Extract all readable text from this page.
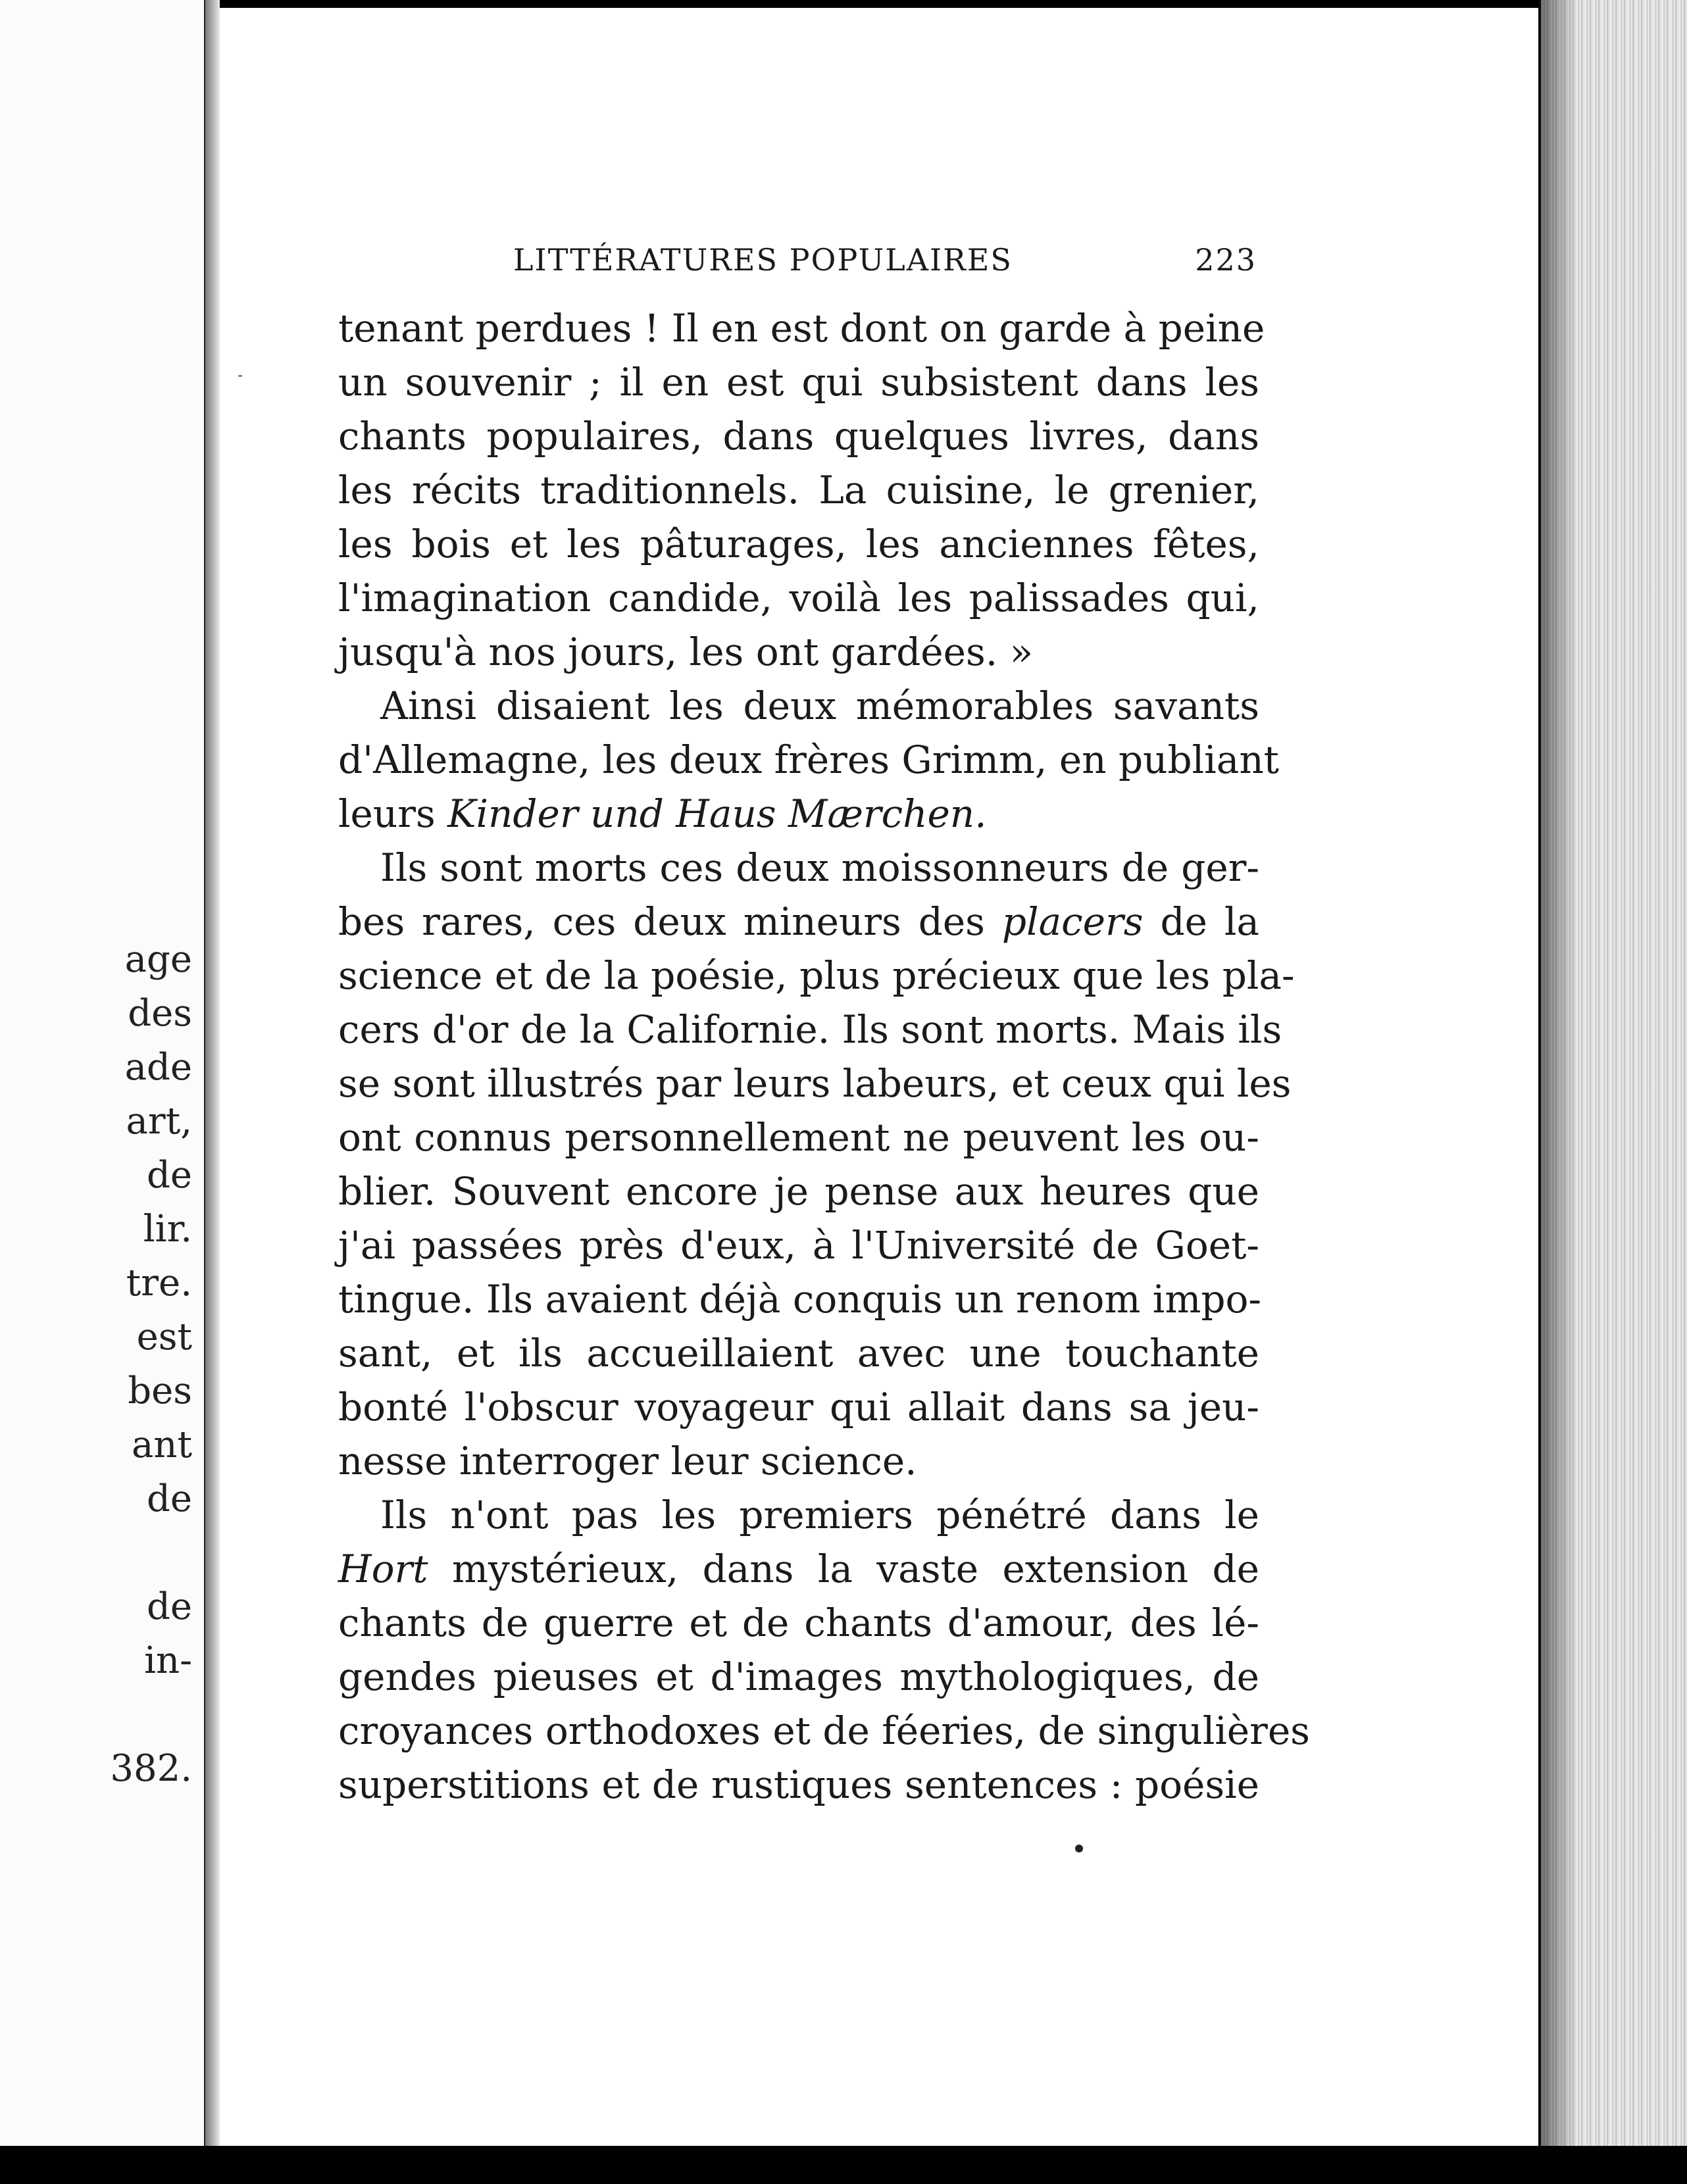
age
des
ade
art,
de
lir.
tre.
est
bes
ant
de
de
in-
382.
LITTÉRATURES POPULAIRES	223
tenant perdues ! Il en est dont on garde à peine
un souvenir ; il en est qui subsistent dans les
chants populaires, dans quelques livres, dans
les récits traditionnels. La cuisine, le grenier,
les bois et les pâturages, les anciennes fêtes,
l'imagination candide, voilà les palissades qui,
jusqu'à nos jours, les ont gardées. »
Ainsi disaient les deux mémorables savants
d'Allemagne, les deux frères Grimm, en publiant
leurs Kinder und Haus Mærchen.
Ils sont morts ces deux moissonneurs de ger-
bes rares, ces deux mineurs des placers de la
science et de la poésie, plus précieux que les pla-
cers d'or de la Californie. Ils sont morts. Mais ils
se sont illustrés par leurs labeurs, et ceux qui les
ont connus personnellement ne peuvent les ou-
blier. Souvent encore je pense aux heures que
j'ai passées près d'eux, à l'Université de Goet-
tingue. Ils avaient déjà conquis un renom impo-
sant, et ils accueillaient avec une touchante
bonté l'obscur voyageur qui allait dans sa jeu-
nesse interroger leur science.
Ils n'ont pas les premiers pénétré dans le
Hort mystérieux, dans la vaste extension de
chants de guerre et de chants d'amour, des lé-
gendes pieuses et d'images mythologiques, de
croyances orthodoxes et de féeries, de singulières
superstitions et de rustiques sentences : poésie
